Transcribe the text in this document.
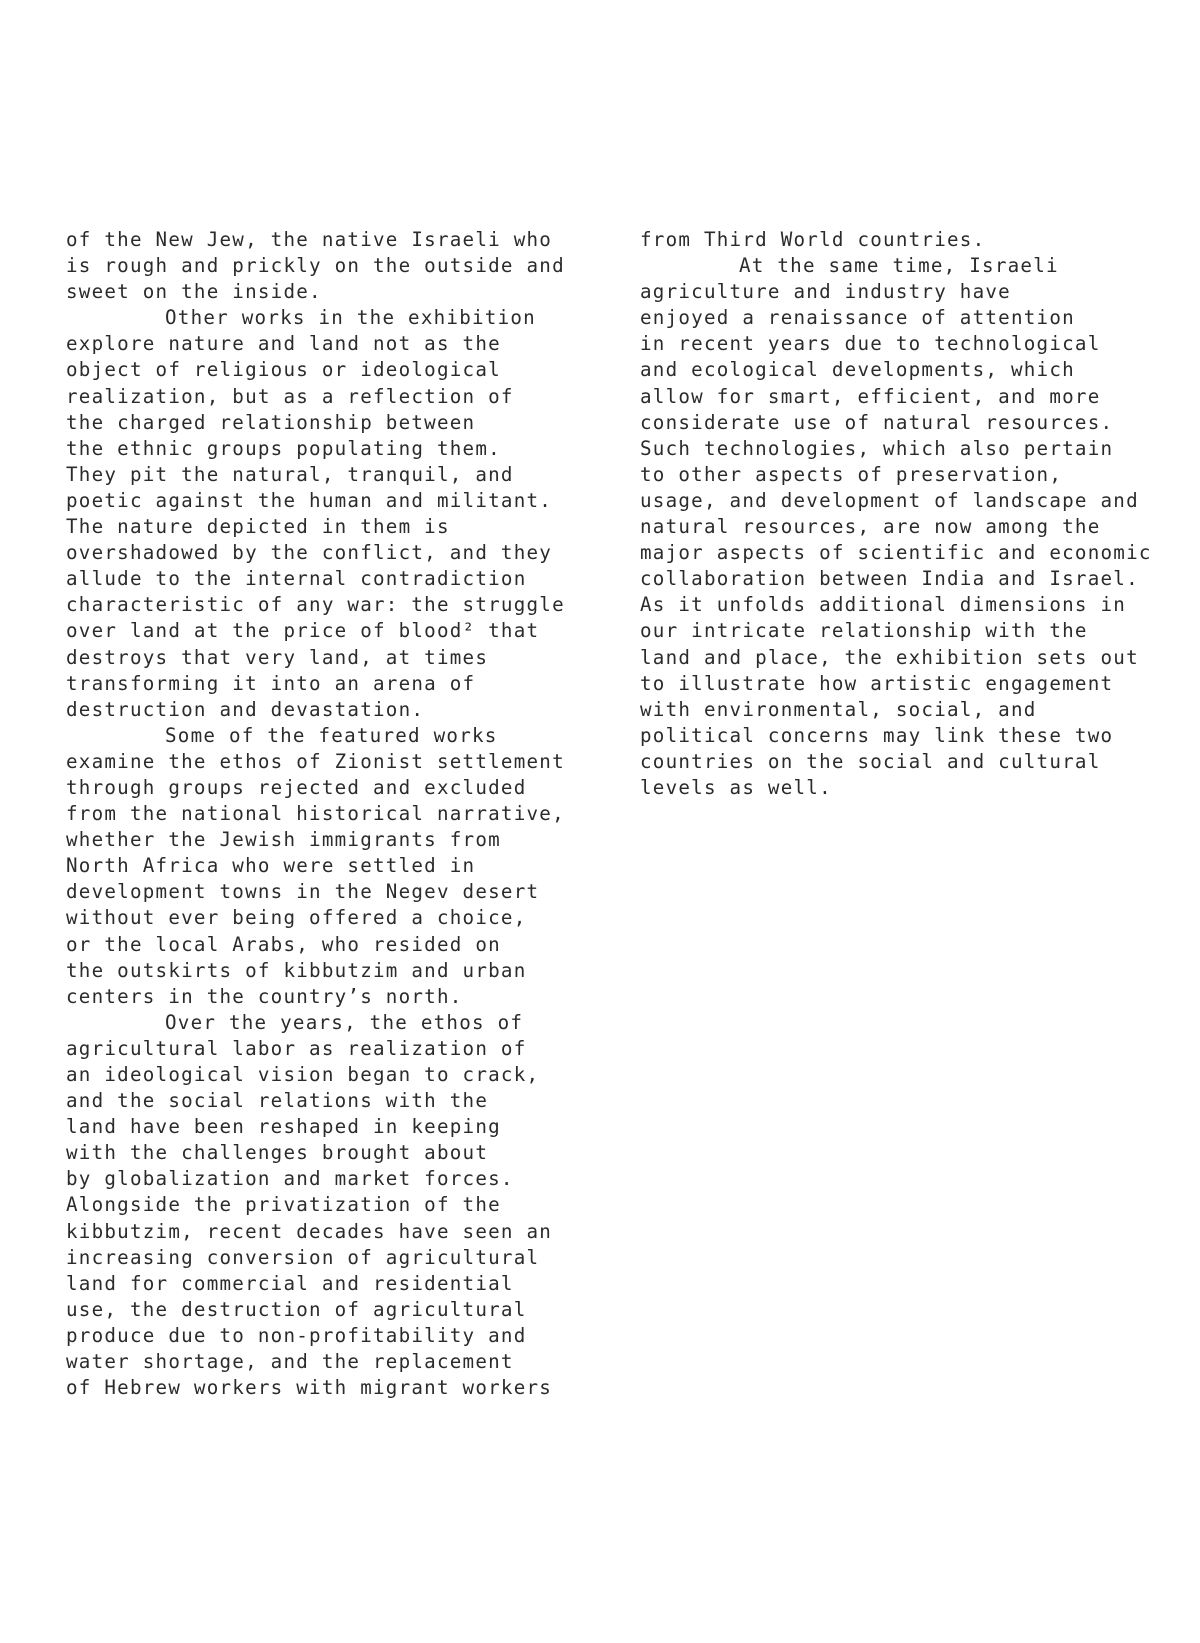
of the New Jew, the native Israeli who
is rough and prickly on the outside and
sweet on the inside.
Other works in the exhibition
explore nature and land not as the
object of religious or ideological
realization, but as a reflection of
the charged relationship between
the ethnic groups populating them.
They pit the natural, tranquil, and
poetic against the human and militant.
The nature depicted in them is
overshadowed by the conflict, and they
allude to the internal contradiction
characteristic of any war: the struggle
over land at the price of blood² that
destroys that very land, at times
transforming it into an arena of
destruction and devastation.
Some of the featured works
examine the ethos of Zionist settlement
through groups rejected and excluded
from the national historical narrative,
whether the Jewish immigrants from
North Africa who were settled in
development towns in the Negev desert
without ever being offered a choice,
or the local Arabs, who resided on
the outskirts of kibbutzim and urban
centers in the country’s north.
Over the years, the ethos of
agricultural labor as realization of
an ideological vision began to crack,
and the social relations with the
land have been reshaped in keeping
with the challenges brought about
by globalization and market forces.
Alongside the privatization of the
kibbutzim, recent decades have seen an
increasing conversion of agricultural
land for commercial and residential
use, the destruction of agricultural
produce due to non-profitability and
water shortage, and the replacement
of Hebrew workers with migrant workers
from Third World countries.
At the same time, Israeli
agriculture and industry have
enjoyed a renaissance of attention
in recent years due to technological
and ecological developments, which
allow for smart, efficient, and more
considerate use of natural resources.
Such technologies, which also pertain
to other aspects of preservation,
usage, and development of landscape and
natural resources, are now among the
major aspects of scientific and economic
collaboration between India and Israel.
As it unfolds additional dimensions in
our intricate relationship with the
land and place, the exhibition sets out
to illustrate how artistic engagement
with environmental, social, and
political concerns may link these two
countries on the social and cultural
levels as well.
